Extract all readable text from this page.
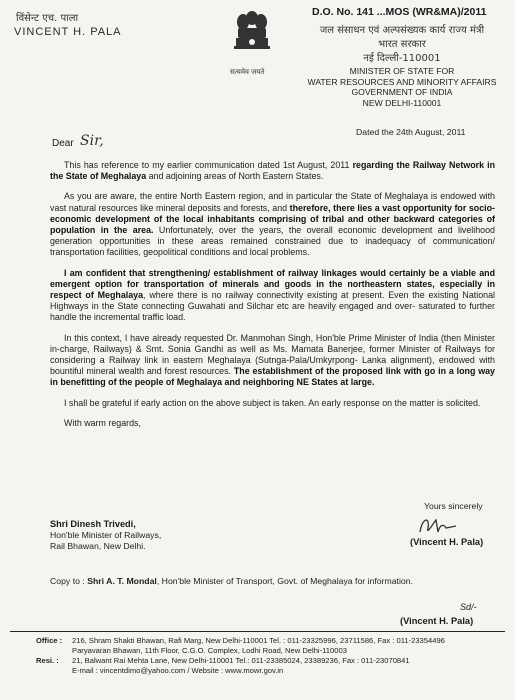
विंसेन्ट एच. पाला
VINCENT H. PALA
सत्यमेव जयते
D.O. No. 141 ...MOS (WR&MA)/2011
जल संसाधन एवं अल्पसंख्यक कार्य राज्य मंत्री
भारत सरकार
नई दिल्ली-110001
MINISTER OF STATE FOR
WATER RESOURCES AND MINORITY AFFAIRS
GOVERNMENT OF INDIA
NEW DELHI-110001
Dated the 24th August, 2011
Dear Sir,

This has reference to my earlier communication dated 1st August, 2011 regarding the Railway Network in the State of Meghalaya and adjoining areas of North Eastern States.

As you are aware, the entire North Eastern region, and in particular the State of Meghalaya is endowed with vast natural resources like mineral deposits and forests, and therefore, there lies a vast opportunity for socio-economic development of the local inhabitants comprising of tribal and other backward categories of population in the area. Unfortunately, over the years, the overall economic development and livelihood generation opportunities in these areas remained constrained due to inadequacy of communication/ transportation facilities, geopolitical conditions and local problems.

I am confident that strengthening/ establishment of railway linkages would certainly be a viable and emergent option for transportation of minerals and goods in the northeastern states, especially in respect of Meghalaya, where there is no railway connectivity existing at present. Even the existing National Highways in the State connecting Guwahati and Silchar etc are heavily engaged and over- saturated to further handle the incremental traffic load.

In this context, I have already requested Dr. Manmohan Singh, Hon'ble Prime Minister of India (then Minister in-charge, Railways) & Smt. Sonia Gandhi as well as Ms. Mamata Banerjee, former Minister of Railways for considering a Railway link in eastern Meghalaya (Sutnga-Pala/Umkyrpong- Lanka alignment), endowed with bountiful mineral wealth and forest resources. The establishment of the proposed link with go in a long way in benefitting of the people of Meghalaya and neighboring NE States at large.

I shall be grateful if early action on the above subject is taken. An early response on the matter is solicited.

With warm regards,

Yours sincerely
(Vincent H. Pala)
Shri Dinesh Trivedi,
Hon'ble Minister of Railways,
Rail Bhawan, New Delhi.
Copy to : Shri A. T. Mondal, Hon'ble Minister of Transport, Govt. of Meghalaya for information.
Sd/-
(Vincent H. Pala)
Office :	216, Shram Shakti Bhawan, Rafi Marg, New Delhi-110001 Tel. : 011-23325996, 23711586, Fax : 011-23354496
Paryavaran Bhawan, 11th Floor, C.G.O. Complex, Lodhi Road, New Delhi-110003
Resi. :	21, Balwant Rai Mehta Lane, New Delhi-110001 Tel.: 011-23385024, 23389236, Fax : 011-23070841
E-mail : vincentdimo@yahoo.com / Website : www.mowr.gov.in
